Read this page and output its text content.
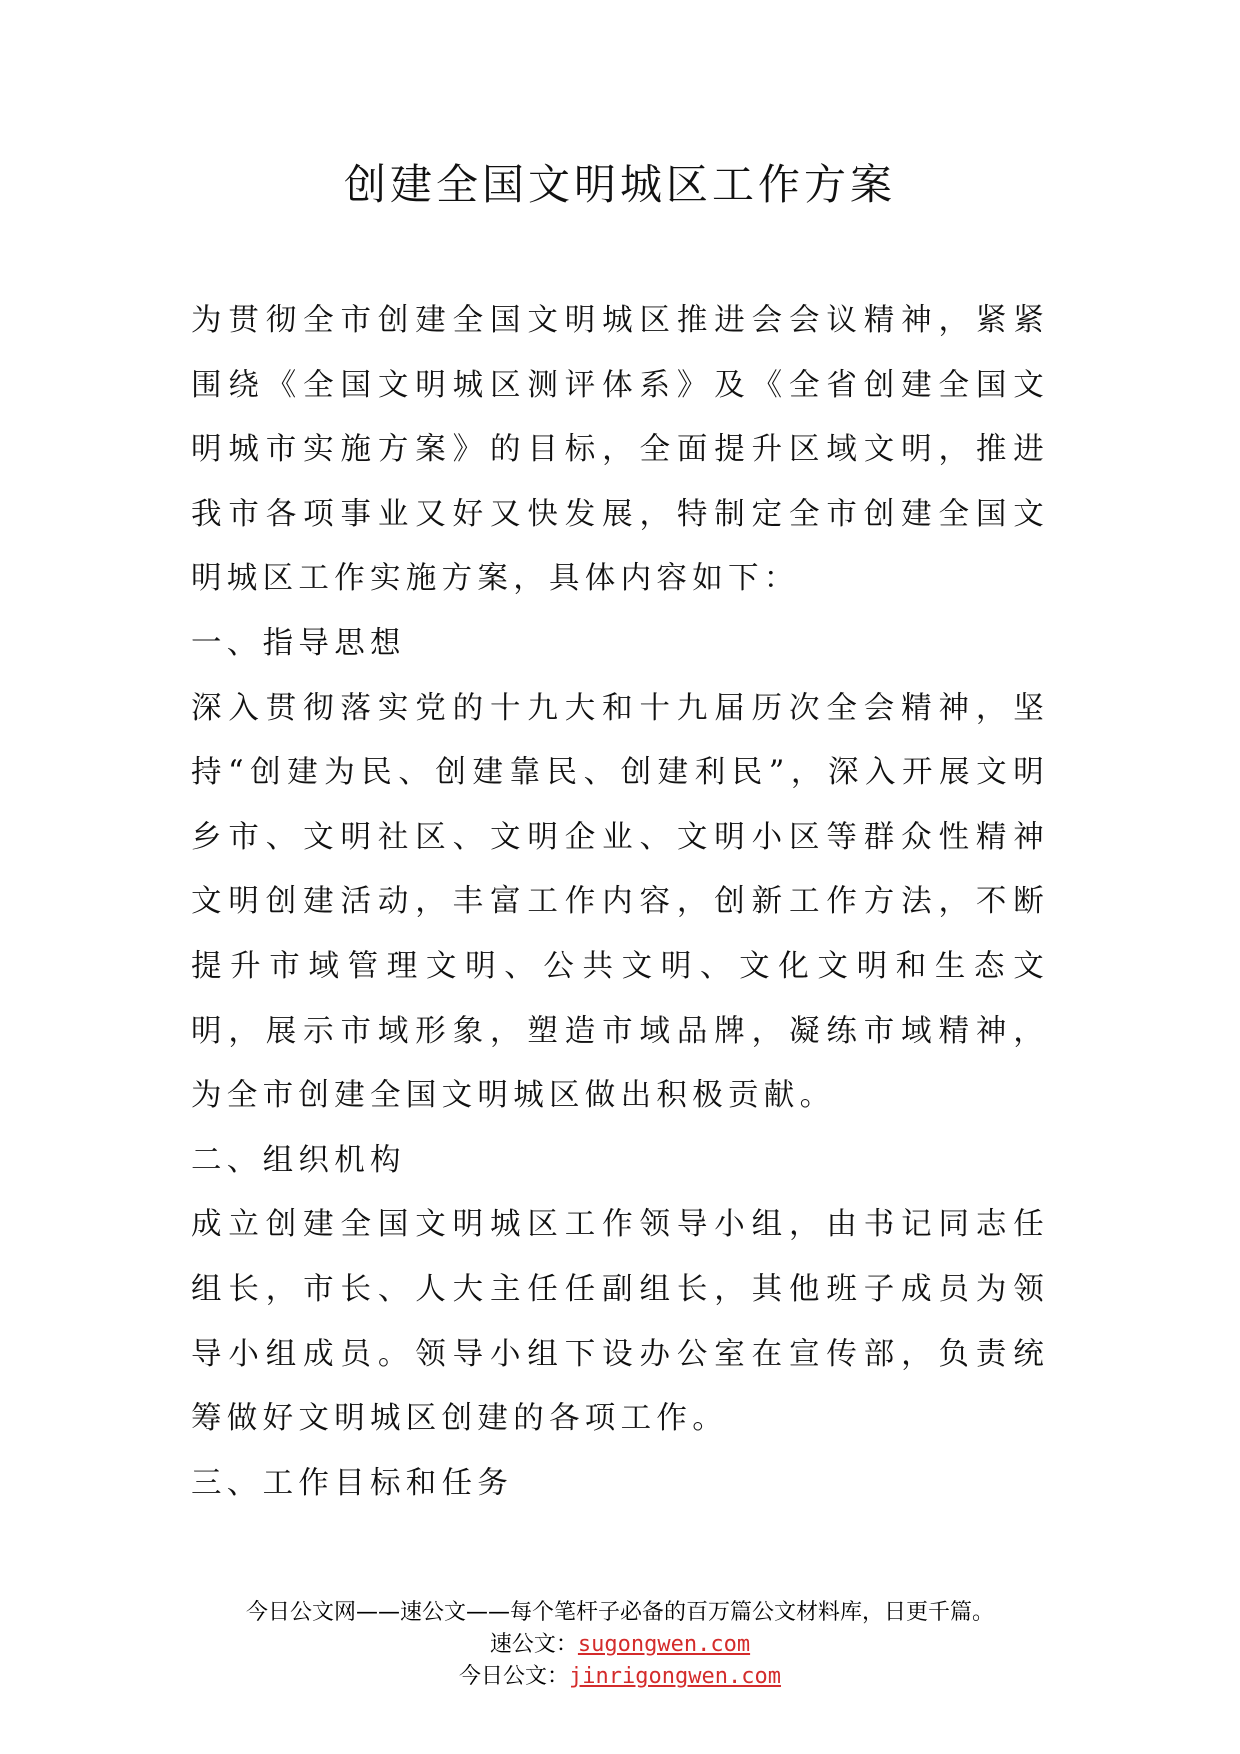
创建全国文明城区工作方案

为贯彻全市创建全国文明城区推进会会议精神，紧紧围绕《全国文明城区测评体系》及《全省创建全国文明城市实施方案》的目标，全面提升区域文明，推进我市各项事业又好又快发展，特制定全市创建全国文明城区工作实施方案，具体内容如下：

一、指导思想

深入贯彻落实党的十九大和十九届历次全会精神，坚持“创建为民、创建靠民、创建利民”，深入开展文明乡市、文明社区、文明企业、文明小区等群众性精神文明创建活动，丰富工作内容，创新工作方法，不断提升市域管理文明、公共文明、文化文明和生态文明，展示市域形象，塑造市域品牌，凝练市域精神，为全市创建全国文明城区做出积极贡献。

二、组织机构

成立创建全国文明城区工作领导小组，由书记同志任组长，市长、人大主任任副组长，其他班子成员为领导小组成员。领导小组下设办公室在宣传部，负责统筹做好文明城区创建的各项工作。

三、工作目标和任务

今日公文网——速公文——每个笔杆子必备的百万篇公文材料库，日更千篇。
速公文：sugongwen.com
今日公文：jinrigongwen.com
